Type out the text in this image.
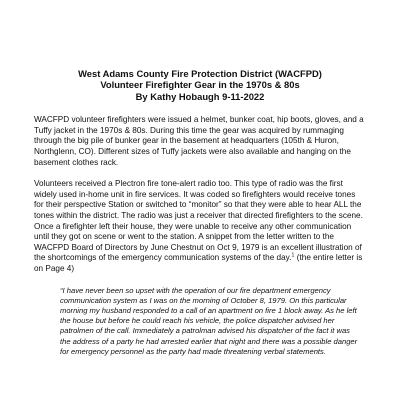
West Adams County Fire Protection District (WACFPD)
Volunteer Firefighter Gear in the 1970s & 80s
By Kathy Hobaugh 9-11-2022

WACFPD volunteer firefighters were issued a helmet, bunker coat, hip boots, gloves, and a Tuffy jacket in the 1970s & 80s. During this time the gear was acquired by rummaging through the big pile of bunker gear in the basement at headquarters (105th & Huron, Northglenn, CO). Different sizes of Tuffy jackets were also available and hanging on the basement clothes rack.

Volunteers received a Plectron fire tone-alert radio too. This type of radio was the first widely used in-home unit in fire services. It was coded so firefighters would receive tones for their perspective Station or switched to “monitor” so that they were able to hear ALL the tones within the district. The radio was just a receiver that directed firefighters to the scene. Once a firefighter left their house, they were unable to receive any other communication until they got on scene or went to the station. A snippet from the letter written to the WACFPD Board of Directors by June Chestnut on Oct 9, 1979 is an excellent illustration of the shortcomings of the emergency communication systems of the day.$^1$ (the entire letter is on Page 4)

“I have never been so upset with the operation of our fire department emergency communication system as I was on the morning of October 8, 1979. On this particular morning my husband responded to a call of an apartment on fire 1 block away. As he left the house but before he could reach his vehicle, the police dispatcher advised her patrolmen of the call. Immediately a patrolman advised his dispatcher of the fact it was the address of a party he had arrested earlier that night and there was a possible danger for emergency personnel as the party had made threatening verbal statements.
